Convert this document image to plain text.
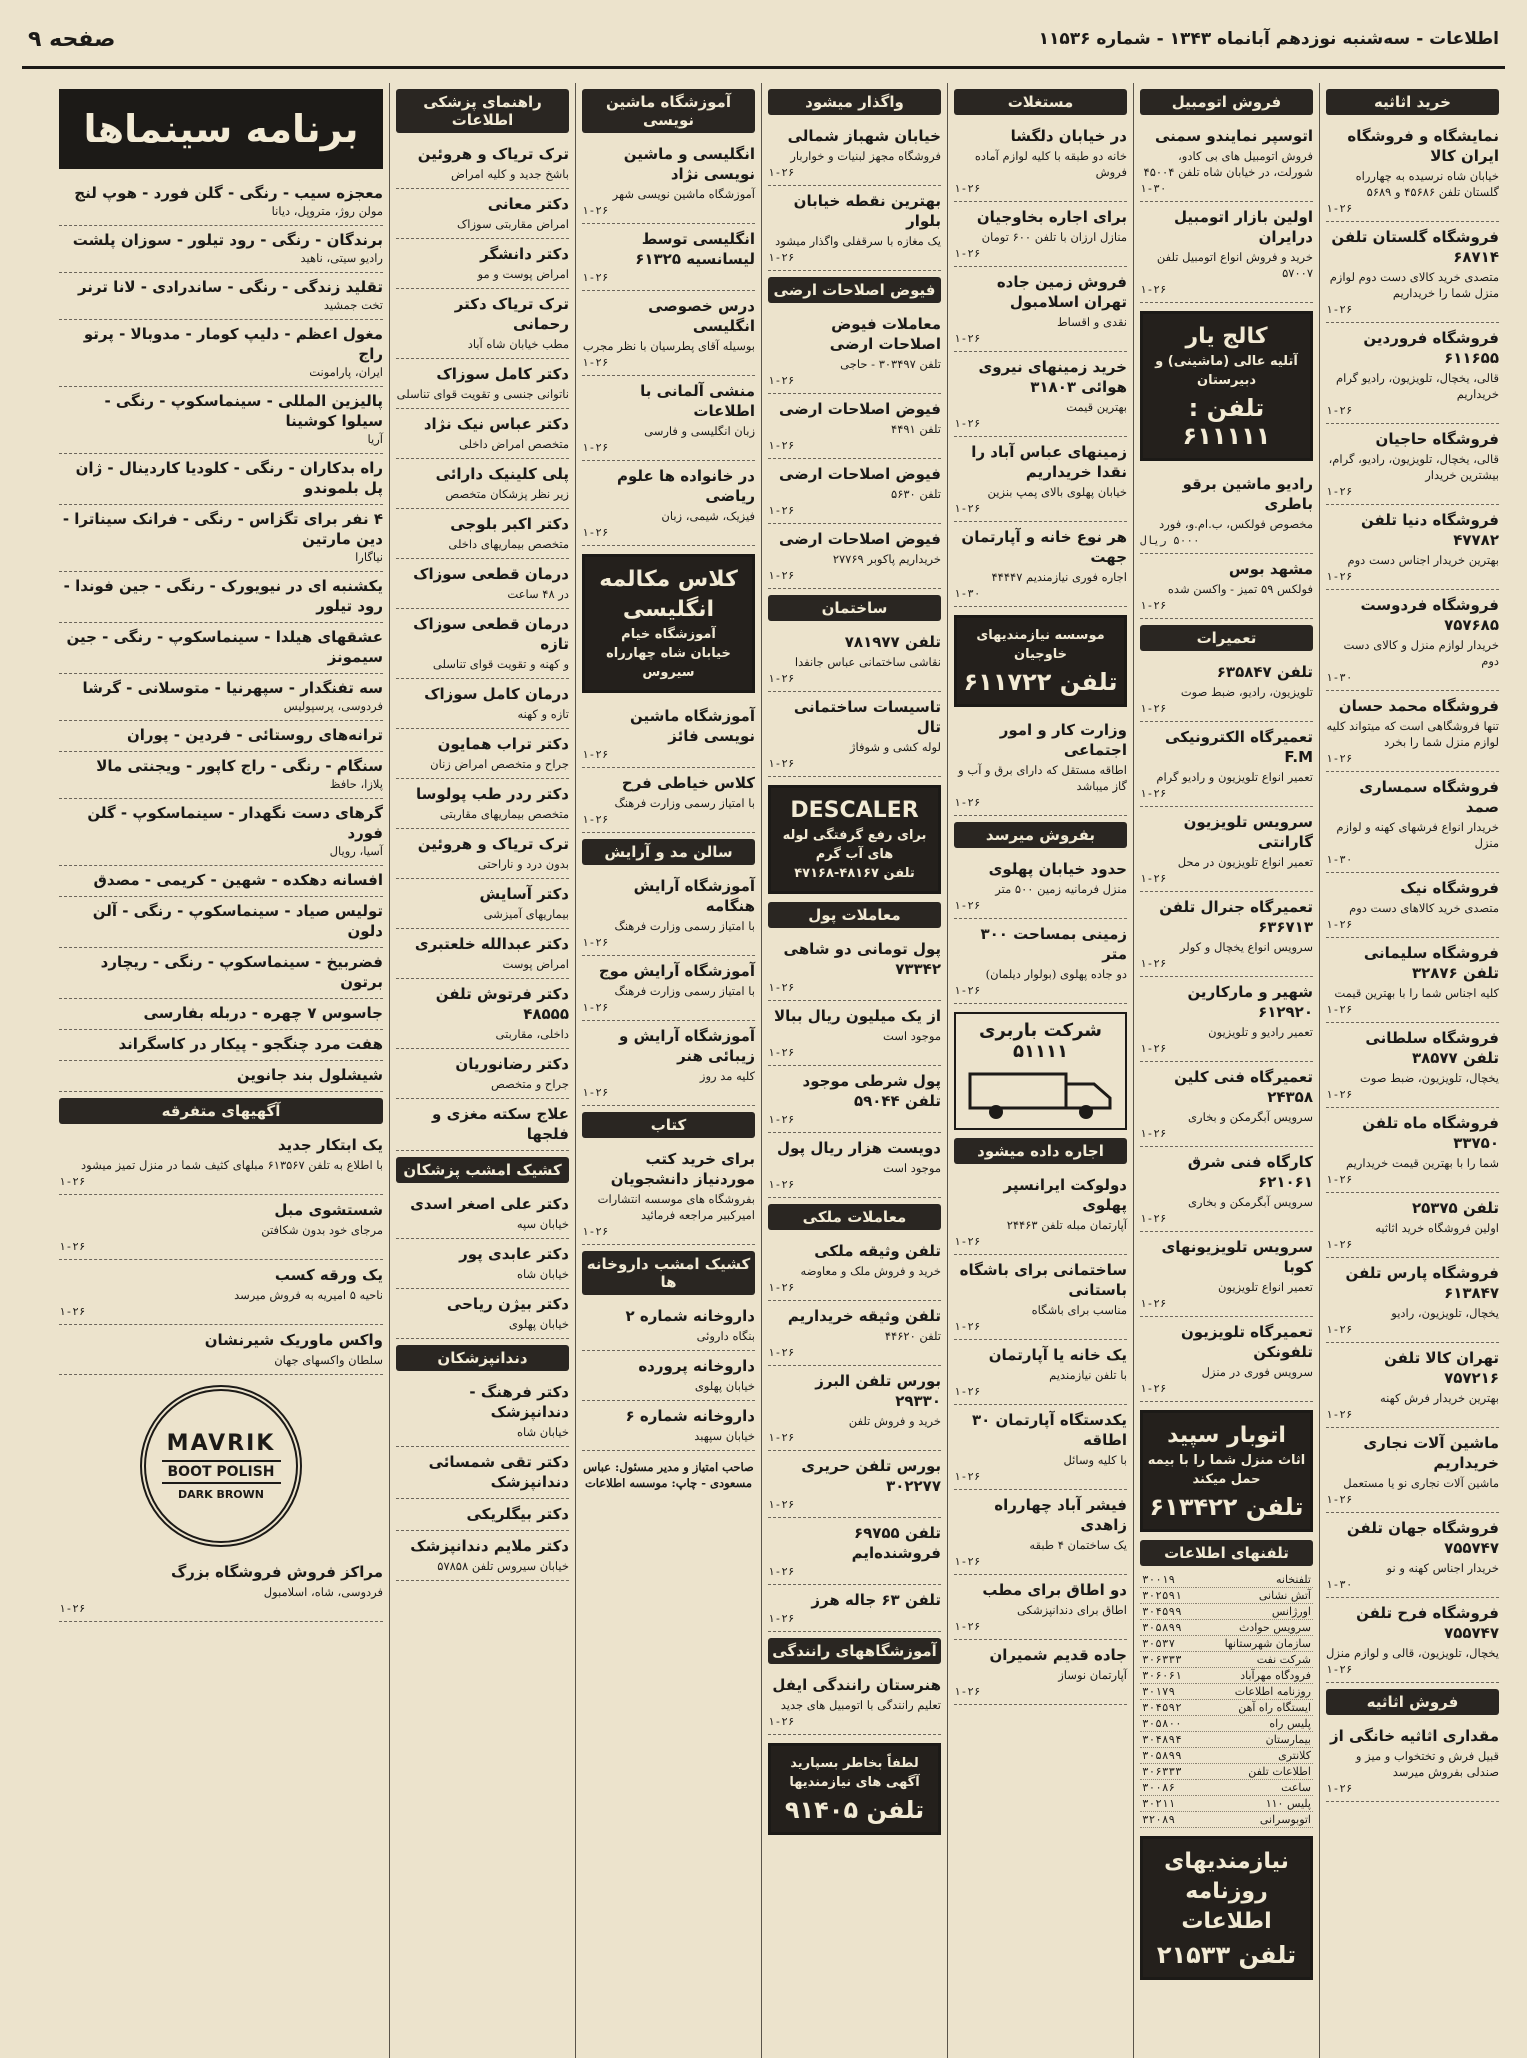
اطلاعات - سه‌شنبه نوزدهم آبانماه ۱۳۴۳ - شماره ۱۱۵۳۶
صفحه ۹
خرید اثاثیه
نمایشگاه و فروشگاه ایران کالا
خیابان شاه نرسیده به چهارراه گلستان تلفن ۴۵۶۸۶ و ۵۶۸۹
۱-۲۶
فروشگاه گلستان تلفن ۶۸۷۱۴
متصدی خرید کالای دست دوم لوازم منزل شما را خریداریم
۱-۲۶
فروشگاه فروردین ۶۱۱۶۵۵
قالی، یخچال، تلویزیون، رادیو گرام خریداریم
۱-۲۶
فروشگاه حاجیان
قالی، یخچال، تلویزیون، رادیو، گرام، بیشترین خریدار
۱-۲۶
فروشگاه دنیا تلفن ۴۷۷۸۲
بهترین خریدار اجناس دست دوم
۱-۲۶
فروشگاه فردوست ۷۵۷۶۸۵
خریدار لوازم منزل و کالای دست دوم
۱-۳۰
فروشگاه محمد حسان
تنها فروشگاهی است که میتواند کلیه لوازم منزل شما را بخرد
۱-۲۶
فروشگاه سمساری صمد
خریدار انواع فرشهای کهنه و لوازم منزل
۱-۳۰
فروشگاه نیک
متصدی خرید کالاهای دست دوم
۱-۲۶
فروشگاه سلیمانی تلفن ۳۲۸۷۶
کلیه اجناس شما را با بهترین قیمت
۱-۲۶
فروشگاه سلطانی تلفن ۳۸۵۷۷
یخچال، تلویزیون، ضبط صوت
۱-۲۶
فروشگاه ماه تلفن ۳۳۷۵۰
شما را با بهترین قیمت خریداریم
۱-۲۶
تلفن ۲۵۳۷۵
اولین فروشگاه خرید اثاثیه
۱-۲۶
فروشگاه پارس تلفن ۶۱۳۸۴۷
یخچال، تلویزیون، رادیو
۱-۲۶
تهران کالا تلفن ۷۵۷۲۱۶
بهترین خریدار فرش کهنه
۱-۲۶
ماشین آلات نجاری خریداریم
ماشین آلات نجاری نو یا مستعمل
۱-۲۶
فروشگاه جهان تلفن ۷۵۵۷۴۷
خریدار اجناس کهنه و نو
۱-۳۰
فروشگاه فرح تلفن ۷۵۵۷۴۷
یخچال، تلویزیون، قالی و لوازم منزل
۱-۲۶
فروش اثاثیه
مقداری اثاثیه خانگی از
قبیل فرش و تختخواب و میز و صندلی بفروش میرسد
۱-۲۶
فروش اتومبیل
اتوسپر نمایندو سمنی
فروش اتومبیل های بی کادو، شورلت، در خیابان شاه تلفن ۴۵۰۰۴
۱-۳۰
اولین بازار اتومبیل درایران
خرید و فروش انواع اتومبیل تلفن ۵۷۰۰۷
۱-۲۶
کالج یار
آتلیه‌ عالی (ماشینی) و دبیرستان
تلفن : ۶۱۱۱۱۱
رادیو ماشین برقو باطری
مخصوص فولکس، ب.ام.و، فورد
۵۰۰۰ ریال
مشهد بوس
فولکس ۵۹ تمیز - واکسن شده
۱-۲۶
تعمیرات
تلفن ۶۳۵۸۴۷
تلویزیون، رادیو، ضبط صوت
۱-۲۶
تعمیرگاه الکترونیکی F.M
تعمیر انواع تلویزیون و رادیو گرام
۱-۲۶
سرویس تلویزیون گارانتی
تعمیر انواع تلویزیون در محل
۱-۲۶
تعمیرگاه جنرال تلفن ۶۳۶۷۱۳
سرویس انواع یخچال و کولر
۱-۲۶
شهیر و مارکارین ۶۱۲۹۲۰
تعمیر رادیو و تلویزیون
۱-۲۶
تعمیرگاه فنی کلین ۲۴۳۵۸
سرویس آبگرمکن و بخاری
۱-۲۶
کارگاه فنی شرق ۶۲۱۰۶۱
سرویس آبگرمکن و بخاری
۱-۲۶
سرویس تلویزیونهای کوبا
تعمیر انواع تلویزیون
۱-۲۶
تعمیرگاه تلویزیون تلفونکن
سرویس فوری در منزل
۱-۲۶
اتوبار سپید
اثاث منزل شما را با بیمه حمل میکند
تلفن ۶۱۳۴۲۲
تلفنهای اطلاعات
تلفنخانه	۳۰۰۱۹
آتش نشانی	۳۰۲۵۹۱
اورژانس	۳۰۴۵۹۹
سرویس حوادث	۳۰۵۸۹۹
سازمان شهرستانها	۳۰۵۳۷
شرکت نفت	۳۰۶۳۳۳
فرودگاه مهرآباد	۳۰۶۰۶۱
روزنامه اطلاعات	۳۰۱۷۹
ایستگاه راه آهن	۳۰۴۵۹۲
پلیس راه	۳۰۵۸۰۰
بیمارستان	۳۰۴۸۹۴
کلانتری	۳۰۵۸۹۹
اطلاعات تلفن	۳۰۶۳۳۳
ساعت	۳۰۰۸۶
پلیس ۱۱۰	۳۰۲۱۱
اتوبوسرانی	۳۲۰۸۹
نیازمندیهای روزنامه اطلاعات
تلفن ۲۱۵۳۳
مستغلات
در خیابان دلگشا
خانه دو طبقه با کلیه لوازم آماده فروش
۱-۲۶
برای اجاره بخاوجیان
منازل ارزان با تلفن ۶۰۰ تومان
۱-۲۶
فروش زمین جاده تهران اسلامبول
نقدی و اقساط
۱-۲۶
خرید زمینهای نیروی هوائی ۳۱۸۰۳
بهترین قیمت
۱-۲۶
زمینهای عباس آباد را نقدا خریداریم
خیابان پهلوی بالای پمپ بنزین
۱-۲۶
هر نوع خانه و آپارتمان جهت
اجاره فوری نیازمندیم ۴۴۴۴۷
۱-۳۰
موسسه نیازمندیهای خاوجیان
تلفن ۶۱۱۷۲۲
وزارت کار و امور اجتماعی
اطاقه مستقل که دارای برق و آب و گاز میباشد
۱-۲۶
بفروش میرسد
حدود خیابان پهلوی
منزل فرمانیه زمین ۵۰۰ متر
۱-۲۶
زمینی بمساحت ۳۰۰ متر
دو جاده پهلوی (بولوار دیلمان)
۱-۲۶
شرکت باربری ۵۱۱۱۱
اجاره داده میشود
دولوکت ایرانسپر پهلوی
آپارتمان مبله تلفن ۲۴۴۶۳
۱-۲۶
ساختمانی برای باشگاه باستانی
مناسب برای باشگاه
۱-۲۶
یک خانه یا آپارتمان
با تلفن نیازمندیم
۱-۲۶
یکدستگاه آپارتمان ۳۰ اطاقه
با کلیه وسائل
۱-۲۶
فیشر آباد چهارراه زاهدی
یک ساختمان ۴ طبقه
۱-۲۶
دو اطاق برای مطب
اطاق برای دندانپزشکی
۱-۲۶
جاده قدیم شمیران
آپارتمان نوساز
۱-۲۶
واگذار میشود
خیابان شهباز شمالی
فروشگاه مجهز لبنیات و خواربار
۱-۲۶
بهترین نقطه خیابان بلوار
یک مغازه با سرقفلی واگذار میشود
۱-۲۶
فیوض اصلاحات ارضی
معاملات فیوض اصلاحات ارضی
تلفن ۳۰۳۴۹۷ - حاجی
۱-۲۶
فیوض اصلاحات ارضی
تلفن ۴۴۹۱
۱-۲۶
فیوض اصلاحات ارضی
تلفن ۵۶۳۰
۱-۲۶
فیوض اصلاحات ارضی
خریداریم پاکوبر ۲۷۷۶۹
۱-۲۶
ساختمان
تلفن ۷۸۱۹۷۷
نقاشی ساختمانی عباس جانفدا
۱-۲۶
تاسیسات ساختمانی تال
لوله کشی و شوفاژ
۱-۲۶
DESCALER
برای رفع گرفتگی لوله های آب گرم
تلفن ۴۸۱۶۷-۴۷۱۶۸
معاملات پول
پول تومانی دو شاهی ۷۳۳۴۲
۱-۲۶
از یک میلیون ریال ببالا
موجود است
۱-۲۶
پول شرطی موجود تلفن ۵۹۰۴۴
۱-۲۶
دویست هزار ریال پول
موجود است
۱-۲۶
معاملات ملکی
تلفن وثیقه ملکی
خرید و فروش ملک و معاوضه
۱-۲۶
تلفن وثیقه خریداریم
تلفن ۴۴۶۲۰
۱-۲۶
بورس تلفن البرز ۲۹۳۳۰
خرید و فروش تلفن
۱-۲۶
بورس تلفن حریری ۳۰۲۲۷۷
۱-۲۶
تلفن ۶۹۷۵۵ فروشنده‌ایم
۱-۲۶
تلفن ۶۳ جاله هرز
۱-۲۶
آموزشگاههای رانندگی
هنرستان رانندگی ایفل
تعلیم رانندگی با اتومبیل های جدید
۱-۲۶
لطفاً بخاطر بسپارید
آگهی های نیازمندیها
تلفن ۹۱۴۰۵
آموزشگاه ماشین نویسی
انگلیسی و ماشین نویسی نژاد
آموزشگاه ماشین نویسی شهر
۱-۲۶
انگلیسی توسط لیسانسیه ۶۱۳۲۵
۱-۲۶
درس خصوصی انگلیسی
بوسیله آقای پطرسیان با نظر مجرب
۱-۲۶
منشی آلمانی با اطلاعات
زبان انگلیسی و فارسی
۱-۲۶
در خانواده ها علوم ریاضی
فیزیک، شیمی، زبان
۱-۲۶
کلاس مکالمه انگلیسی
آموزشگاه خیام
خیابان شاه چهارراه سیروس
آموزشگاه ماشین نویسی فائز
۱-۲۶
کلاس خیاطی فرح
با امتیاز رسمی وزارت فرهنگ
۱-۲۶
سالن مد و آرایش
آموزشگاه آرایش هنگامه
با امتیاز رسمی وزارت فرهنگ
۱-۲۶
آموزشگاه آرایش موج
با امتیاز رسمی وزارت فرهنگ
۱-۲۶
آموزشگاه آرایش و زیبائی هنر
کلیه مد روز
۱-۲۶
کتاب
برای خرید کتب موردنیاز دانشجویان
بفروشگاه های موسسه انتشارات امیرکبیر مراجعه فرمائید
۱-۲۶
کشیک امشب داروخانه ها
داروخانه شماره ۲
بنگاه داروئی
داروخانه پرورده
خیابان پهلوی
داروخانه شماره ۶
خیابان سپهبد
صاحب امتیاز و مدیر مسئول: عباس مسعودی - چاپ: موسسه اطلاعات
راهنمای پزشکی اطلاعات
ترک تریاک و هروئین
باشخ جدید و کلیه امراض
دکتر معانی
امراض مقاربتی سوزاک
دکتر دانشگر
امراض پوست و مو
ترک تریاک دکتر رحمانی
مطب خیابان شاه آباد
دکتر کامل سوزاک
ناتوانی جنسی و تقویت قوای تناسلی
دکتر عباس نیک نژاد
متخصص امراض داخلی
پلی کلینیک دارائی
زیر نظر پزشکان متخصص
دکتر اکبر بلوجی
متخصص بیماریهای داخلی
درمان قطعی سوزاک
در ۴۸ ساعت
درمان قطعی سوزاک تازه
و کهنه و تقویت قوای تناسلی
درمان کامل سوزاک
تازه و کهنه
دکتر تراب همایون
جراح و متخصص امراض زنان
دکتر ردر طب پولوسا
متخصص بیماریهای مقاربتی
ترک تریاک و هروئین
بدون درد و ناراحتی
دکتر آسایش
بیماریهای آمیزشی
دکتر عبدالله خلعتبری
امراض پوست
دکتر فرتوش تلفن ۴۸۵۵۵
داخلی، مقاربتی
دکتر رضانوریان
جراح و متخصص
علاج سکته مغزی و فلجها
کشیک امشب پزشکان
دکتر علی اصغر اسدی
خیابان سپه
دکتر عابدی پور
خیابان شاه
دکتر بیژن ریاحی
خیابان پهلوی
دندانپزشکان
دکتر فرهنگ - دندانپزشک
خیابان شاه
دکتر تقی شمسائی دندانپزشک
دکتر بیگلریکی
دکتر ملایم دندانپزشک
خیابان سیروس تلفن ۵۷۸۵۸
برنامه سینماها
معجزه سیب - رنگی - گلن فورد - هوپ لنج
مولن روژ، متروپل، دیانا
برندگان - رنگی - رود تیلور - سوزان پلشت
رادیو سیتی، ناهید
تقلید زندگی - رنگی - ساندرادی - لانا ترنر
تخت جمشید
مغول اعظم - دلیپ کومار - مدوبالا - پرتو راج
ایران، پارامونت
پالیزین المللی - سینماسکوپ - رنگی - سیلوا کوشینا
آریا
راه بدکاران - رنگی - کلودیا کاردینال - ژان پل بلموندو
۴ نفر برای تگزاس - رنگی - فرانک سیناترا - دین مارتین
نیاگارا
یکشنبه ای در نیویورک - رنگی - جین فوندا - رود تیلور
عشقهای هیلدا - سینماسکوپ - رنگی - جین سیمونز
سه تفنگدار - سپهرنیا - متوسلانی - گرشا
فردوسی، پرسپولیس
ترانه‌های روستائی - فردین - پوران
سنگام - رنگی - راج کاپور - ویجنتی مالا
پلازا، حافظ
گرهای دست نگهدار - سینماسکوپ - گلن فورد
آسیا، رویال
افسانه دهکده - شهین - کریمی - مصدق
تولیس صیاد - سینماسکوپ - رنگی - آلن دلون
فضربیخ - سینماسکوپ - رنگی - ریچارد برتون
جاسوس ۷ چهره - دربله بفارسی
هفت مرد چنگجو - پیکار در کاسگراند
شیشلول بند جانوین
آگهیهای متفرقه
یک ابتکار جدید
با اطلاع به تلفن ۶۱۳۵۶۷ مبلهای کثیف شما در منزل تمیز میشود
۱-۲۶
شستشوی مبل
مرجای خود بدون شکافتن
۱-۲۶
یک ورقه کسب
ناحیه ۵ امیریه به فروش میرسد
۱-۲۶
واکس ماوریک شیرنشان
سلطان واکسهای جهان
MAVRIK
BOOT POLISH
DARK BROWN
مراکز فروش فروشگاه بزرگ
فردوسی، شاه، اسلامبول
۱-۲۶
